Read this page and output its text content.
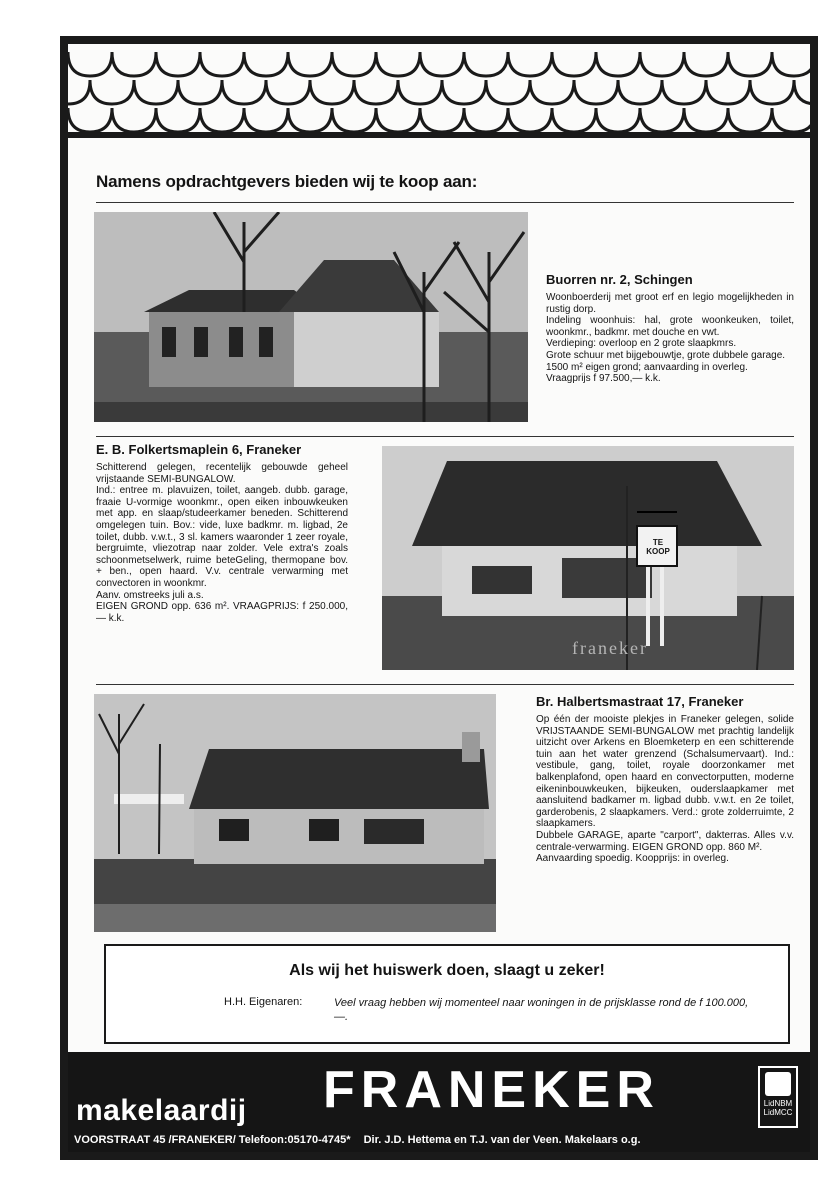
Namens opdrachtgevers bieden wij te koop aan:
Buorren nr. 2, Schingen

Woonboerderij met groot erf en legio mogelijkheden in rustig dorp.

Indeling woonhuis: hal, grote woonkeuken, toilet, woonkmr., badkmr. met douche en vwt.

Verdieping: overloop en 2 grote slaapkmrs.

Grote schuur met bijgebouwtje, grote dubbele garage.

1500 m² eigen grond; aanvaarding in overleg.

Vraagprijs f 97.500,— k.k.

E. B. Folkertsmaplein 6, Franeker

Schitterend gelegen, recentelijk gebouwde geheel vrijstaande SEMI-BUNGALOW.

Ind.: entree m. plavuizen, toilet, aangeb. dubb. garage, fraaie U-vormige woonkmr., open eiken inbouwkeuken met app. en slaap/studeerkamer beneden. Schitterend omgelegen tuin. Bov.: vide, luxe badkmr. m. ligbad, 2e toilet, dubb. v.w.t., 3 sl. kamers waaronder 1 zeer royale, bergruimte, vliezotrap naar zolder. Vele extra's zoals schoonmetselwerk, ruime beteGeling, thermopane bov. + ben., open haard. V.v. centrale verwarming met convectoren in woonkmr.

Aanv. omstreeks juli a.s.

EIGEN GROND opp. 636 m². VRAAGPRIJS: f 250.000,— k.k.

TE KOOP
franeker
Br. Halbertsmastraat 17, Franeker

Op één der mooiste plekjes in Franeker gelegen, solide VRIJSTAANDE SEMI-BUNGALOW met prachtig landelijk uitzicht over Arkens en Bloemketerp en een schitterende tuin aan het water grenzend (Schalsumervaart). Ind.: vestibule, gang, toilet, royale doorzonkamer met balkenplafond, open haard en convectorputten, moderne eikeninbouwkeuken, bijkeuken, ouderslaapkamer met aansluitend badkamer m. ligbad dubb. v.w.t. en 2e toilet, garderobenis, 2 slaapkamers. Verd.: grote zolderruimte, 2 slaapkamers.

Dubbele GARAGE, aparte "carport", dakterras. Alles v.v. centrale-verwarming. EIGEN GROND opp. 860 M².

Aanvaarding spoedig. Koopprijs: in overleg.

Als wij het huiswerk doen, slaagt u zeker!
H.H. Eigenaren:	Veel vraag hebben wij momenteel naar woningen in de prijsklasse rond de f 100.000,—.
makelaardij FRANEKER	LidNBM
LidMCC
VOORSTRAAT 45 /FRANEKER/ Telefoon:05170-4745* Dir. J.D. Hettema en T.J. van der Veen. Makelaars o.g.
